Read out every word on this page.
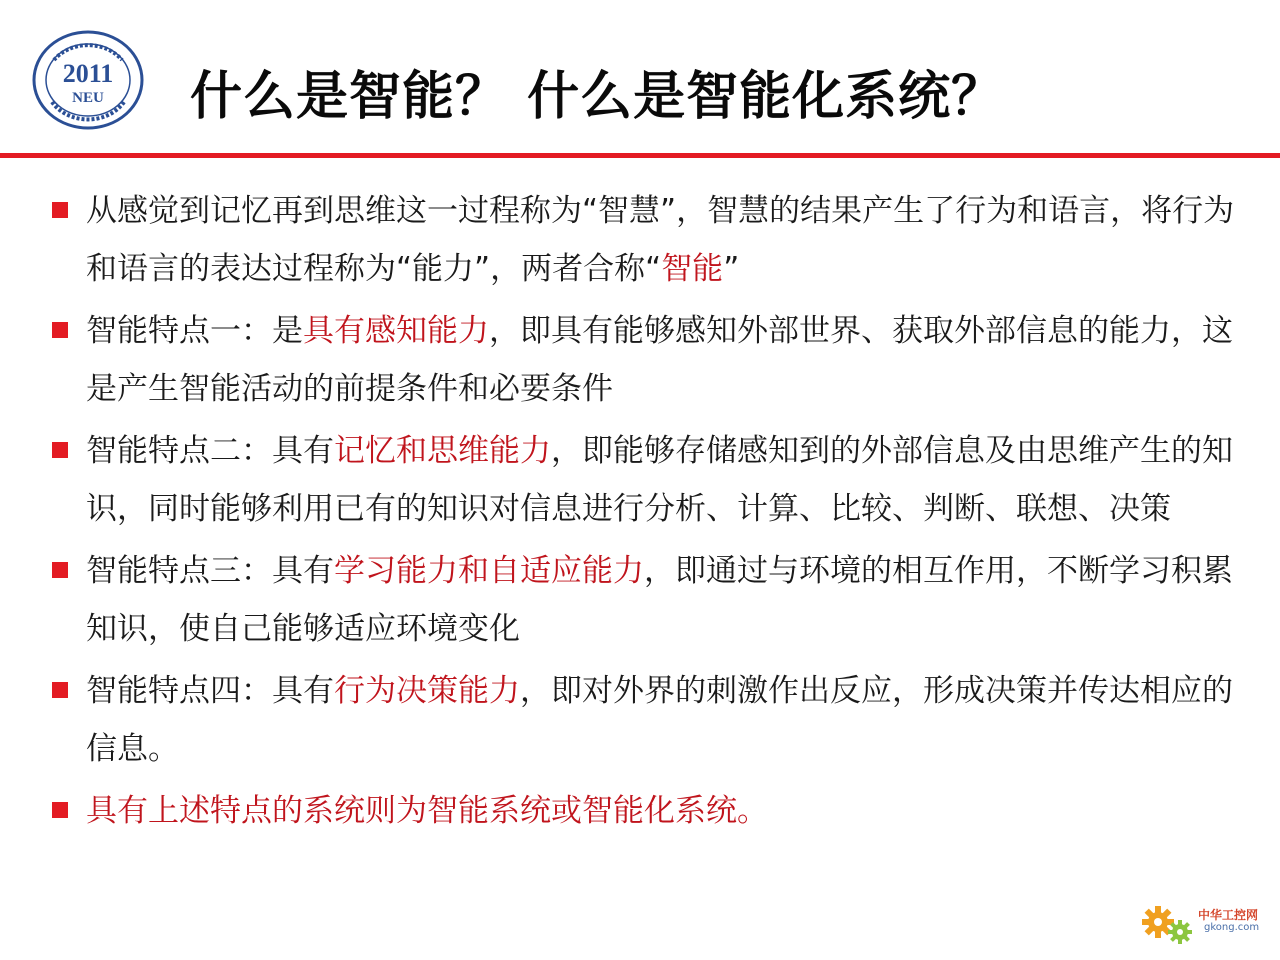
2011
NEU 什么是智能？ 什么是智能化系统？
从感觉到记忆再到思维这一过程称为“智慧”，智慧的结果产生了行为和语言，将行为和语言的表达过程称为“能力”，两者合称“智能”
智能特点一：是具有感知能力，即具有能够感知外部世界、获取外部信息的能力，这是产生智能活动的前提条件和必要条件
智能特点二：具有记忆和思维能力，即能够存储感知到的外部信息及由思维产生的知识，同时能够利用已有的知识对信息进行分析、计算、比较、判断、联想、决策
智能特点三：具有学习能力和自适应能力，即通过与环境的相互作用，不断学习积累知识，使自己能够适应环境变化
智能特点四：具有行为决策能力，即对外界的刺激作出反应，形成决策并传达相应的信息。
具有上述特点的系统则为智能系统或智能化系统。
中华工控网
gkong.com
